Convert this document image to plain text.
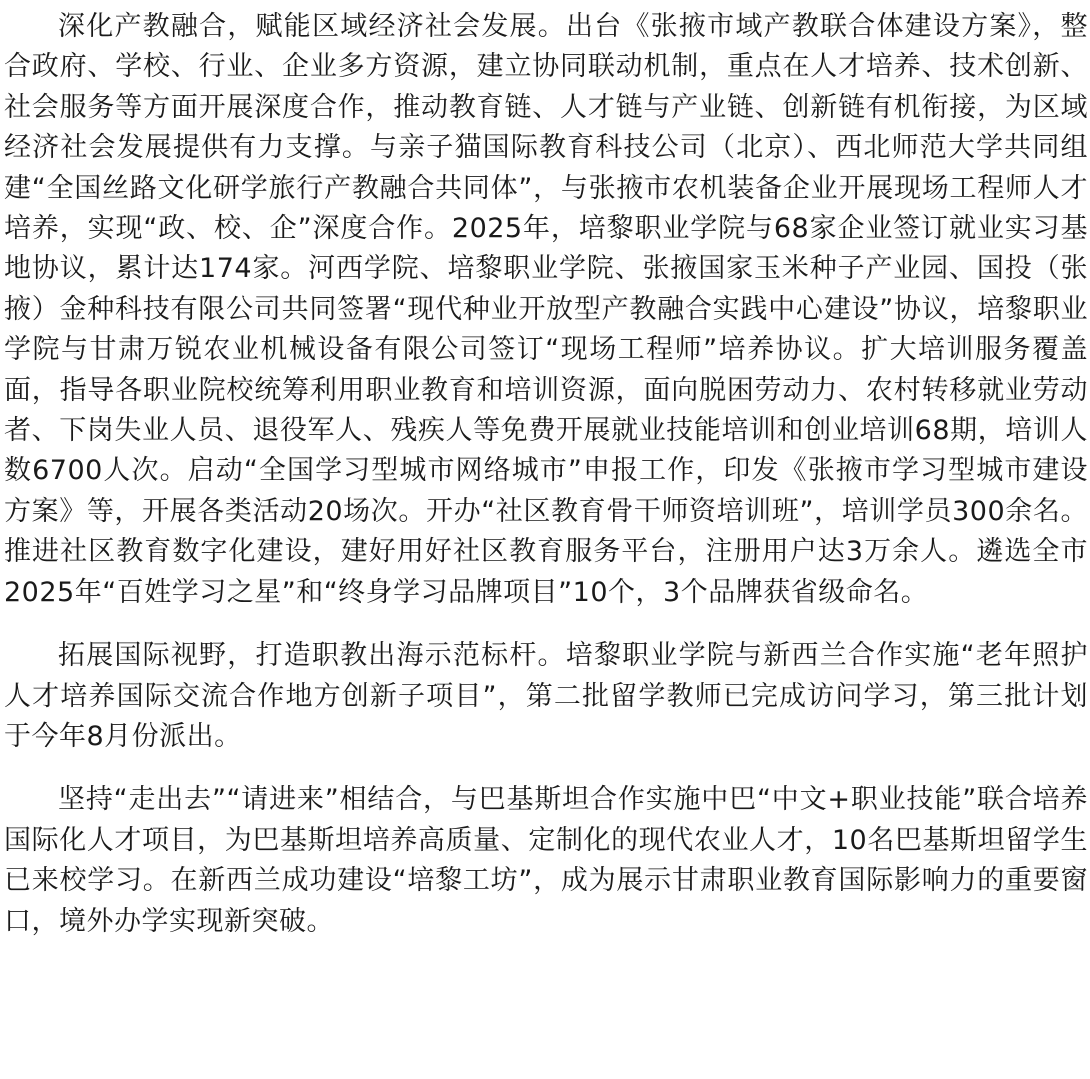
深化产教融合，赋能区域经济社会发展。出台《张掖市域产教联合体建设方案》，整合政府、学校、行业、企业多方资源，建立协同联动机制，重点在人才培养、技术创新、社会服务等方面开展深度合作，推动教育链、人才链与产业链、创新链有机衔接，为区域经济社会发展提供有力支撑。与亲子猫国际教育科技公司（北京）、西北师范大学共同组建“全国丝路文化研学旅行产教融合共同体”，与张掖市农机装备企业开展现场工程师人才培养，实现“政、校、企”深度合作。2025年，培黎职业学院与68家企业签订就业实习基地协议，累计达174家。河西学院、培黎职业学院、张掖国家玉米种子产业园、国投（张掖）金种科技有限公司共同签署“现代种业开放型产教融合实践中心建设”协议，培黎职业学院与甘肃万锐农业机械设备有限公司签订“现场工程师”培养协议。扩大培训服务覆盖面，指导各职业院校统筹利用职业教育和培训资源，面向脱困劳动力、农村转移就业劳动者、下岗失业人员、退役军人、残疾人等免费开展就业技能培训和创业培训68期，培训人数6700人次。启动“全国学习型城市网络城市”申报工作，印发《张掖市学习型城市建设方案》等，开展各类活动20场次。开办“社区教育骨干师资培训班”，培训学员300余名。推进社区教育数字化建设，建好用好社区教育服务平台，注册用户达3万余人。遴选全市2025年“百姓学习之星”和“终身学习品牌项目”10个，3个品牌获省级命名。

拓展国际视野，打造职教出海示范标杆。培黎职业学院与新西兰合作实施“老年照护人才培养国际交流合作地方创新子项目”，第二批留学教师已完成访问学习，第三批计划于今年8月份派出。

坚持“走出去”“请进来”相结合，与巴基斯坦合作实施中巴“中文+职业技能”联合培养国际化人才项目，为巴基斯坦培养高质量、定制化的现代农业人才，10名巴基斯坦留学生已来校学习。在新西兰成功建设“培黎工坊”，成为展示甘肃职业教育国际影响力的重要窗口，境外办学实现新突破。
